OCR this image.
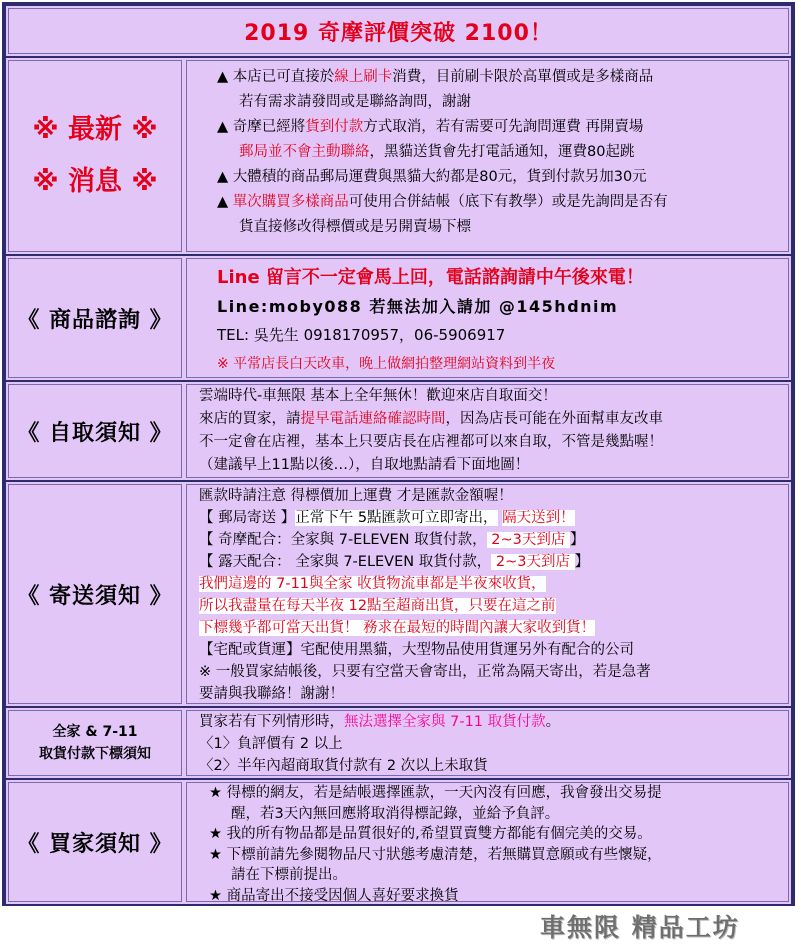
2019 奇摩評價突破 2100！
※ 最新 ※
※ 消息 ※
▲ 本店已可直接於線上刷卡消費，目前刷卡限於高單價或是多樣商品
若有需求請發問或是聯絡詢問，謝謝
▲ 奇摩已經將貨到付款方式取消，若有需要可先詢問運費 再開賣場
郵局並不會主動聯絡，黑貓送貨會先打電話通知，運費80起跳
▲ 大體積的商品郵局運費與黑貓大約都是80元，貨到付款另加30元
▲ 單次購買多樣商品可使用合併結帳（底下有教學）或是先詢問是否有
貨直接修改得標價或是另開賣場下標
《 商品諮詢 》
Line 留言不一定會馬上回，電話諮詢請中午後來電！
Line:moby088 若無法加入請加 @145hdnim
TEL: 吳先生 0918170957，06-5906917
※ 平常店長白天改車，晚上做網拍整理網站資料到半夜
《 自取須知 》
雲端時代-車無限 基本上全年無休！歡迎來店自取面交！
來店的買家，請提早電話連絡確認時間，因為店長可能在外面幫車友改車
不一定會在店裡，基本上只要店長在店裡都可以來自取，不管是幾點喔！
（建議早上11點以後…），自取地點請看下面地圖！
《 寄送須知 》
匯款時請注意 得標價加上運費 才是匯款金額喔！
【 郵局寄送 】正常下午 5點匯款可立即寄出， 隔天送到！
【 奇摩配合：全家與 7-ELEVEN 取貨付款， 2~3天到店 】
【 露天配合： 全家與 7-ELEVEN 取貨付款， 2~3天到店 】
我們這邊的 7-11與全家 收貨物流車都是半夜來收貨，
所以我盡量在每天半夜 12點至超商出貨，只要在這之前
下標幾乎都可當天出貨！ 務求在最短的時間內讓大家收到貨！
【宅配或貨運】宅配使用黑貓，大型物品使用貨運另外有配合的公司
※ 一般買家結帳後，只要有空當天會寄出，正常為隔天寄出，若是急著
要請與我聯絡！謝謝！
全家 & 7-11
取貨付款下標須知
買家若有下列情形時，無法選擇全家與 7-11 取貨付款。
〈1〉負評價有 2 以上
〈2〉半年內超商取貨付款有 2 次以上未取貨
《 買家須知 》
★ 得標的網友，若是結帳選擇匯款，一天內沒有回應，我會發出交易提
醒，若3天內無回應將取消得標記錄，並給予負評。
★ 我的所有物品都是品質很好的,希望買賣雙方都能有個完美的交易。
★ 下標前請先參閱物品尺寸狀態考慮清楚，若無購買意願或有些懷疑，
請在下標前提出。
★ 商品寄出不接受因個人喜好要求換貨
車無限 精品工坊
